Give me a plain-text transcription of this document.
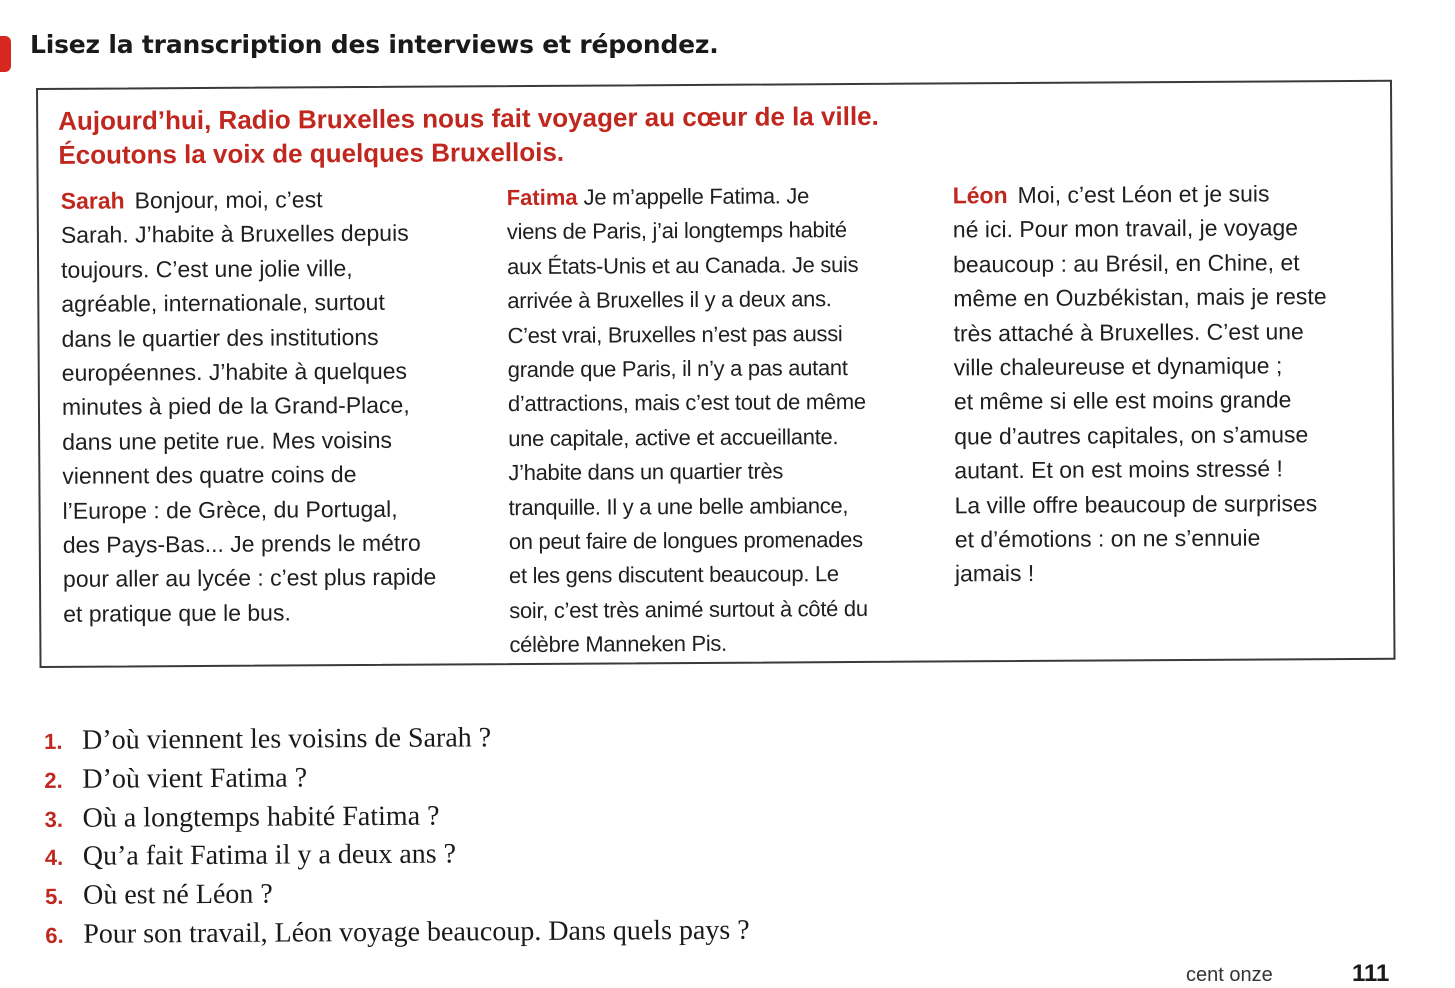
Lisez la transcription des interviews et répondez.
Aujourd’hui, Radio Bruxelles nous fait voyager au cœur de la ville.
Écoutons la voix de quelques Bruxellois.
Sarah Bonjour, moi, c’est
Sarah. J’habite à Bruxelles depuis
toujours. C’est une jolie ville,
agréable, internationale, surtout
dans le quartier des institutions
européennes. J’habite à quelques
minutes à pied de la Grand-Place,
dans une petite rue. Mes voisins
viennent des quatre coins de
l’Europe : de Grèce, du Portugal,
des Pays-Bas... Je prends le métro
pour aller au lycée : c’est plus rapide
et pratique que le bus.
Fatima Je m’appelle Fatima. Je
viens de Paris, j’ai longtemps habité
aux États-Unis et au Canada. Je suis
arrivée à Bruxelles il y a deux ans.
C’est vrai, Bruxelles n’est pas aussi
grande que Paris, il n’y a pas autant
d’attractions, mais c’est tout de même
une capitale, active et accueillante.
J’habite dans un quartier très
tranquille. Il y a une belle ambiance,
on peut faire de longues promenades
et les gens discutent beaucoup. Le
soir, c’est très animé surtout à côté du
célèbre Manneken Pis.
Léon Moi, c’est Léon et je suis
né ici. Pour mon travail, je voyage
beaucoup : au Brésil, en Chine, et
même en Ouzbékistan, mais je reste
très attaché à Bruxelles. C’est une
ville chaleureuse et dynamique ;
et même si elle est moins grande
que d’autres capitales, on s’amuse
autant. Et on est moins stressé !
La ville offre beaucoup de surprises
et d’émotions : on ne s’ennuie
jamais !
1. D’où viennent les voisins de Sarah ?
2. D’où vient Fatima ?
3. Où a longtemps habité Fatima ?
4. Qu’a fait Fatima il y a deux ans ?
5. Où est né Léon ?
6. Pour son travail, Léon voyage beaucoup. Dans quels pays ?
cent onze	111
